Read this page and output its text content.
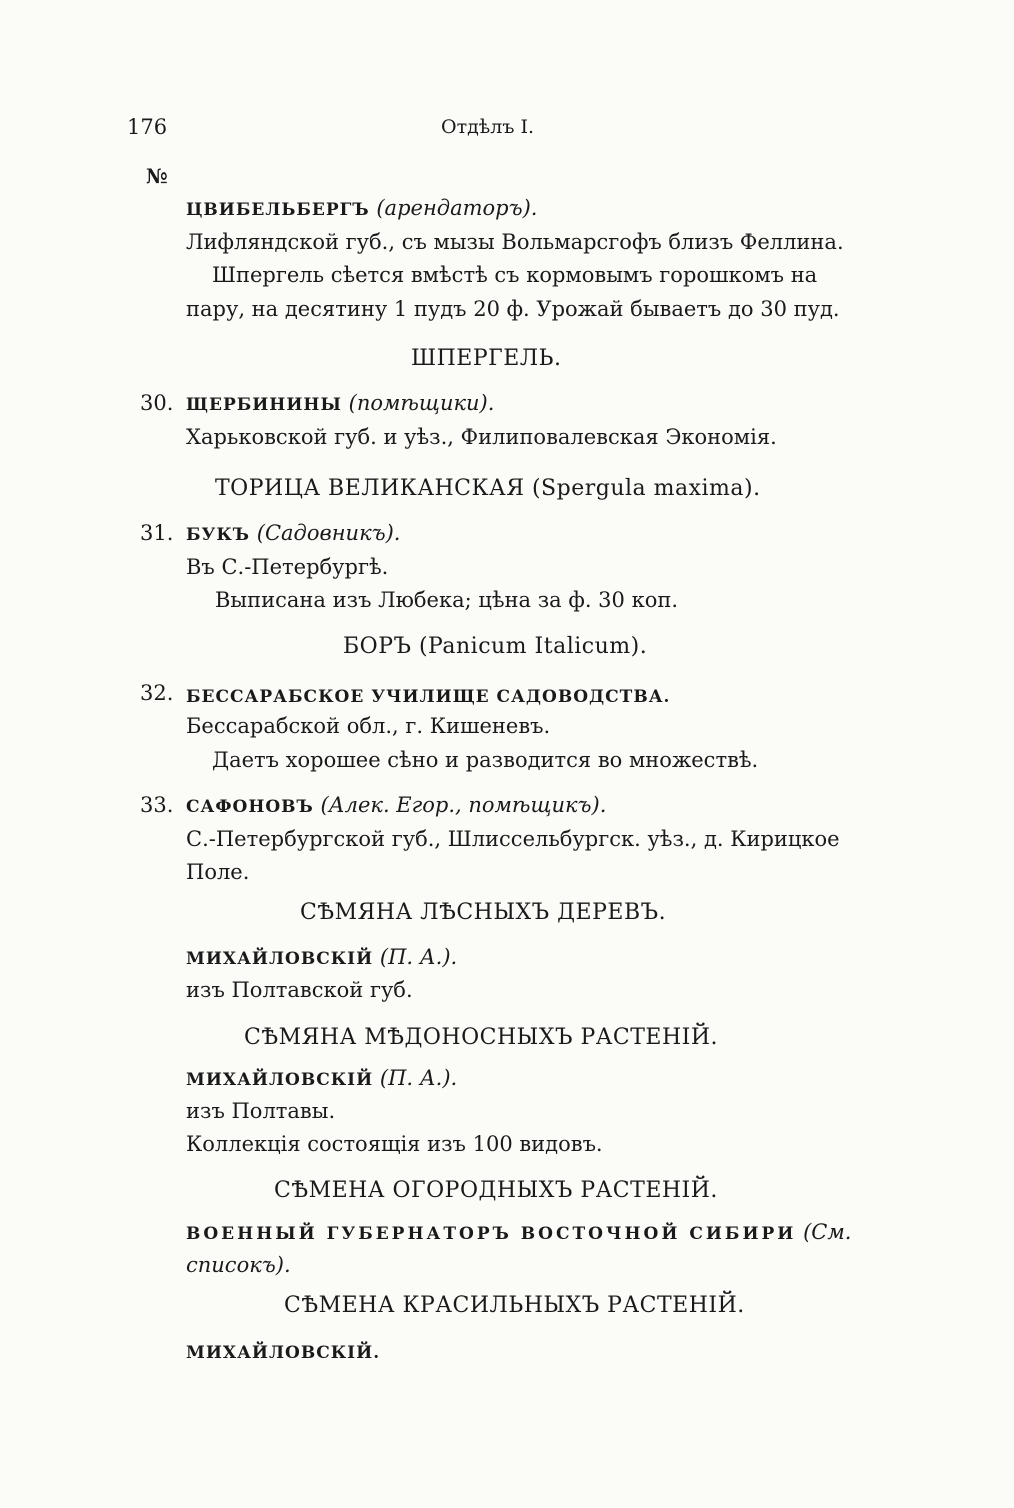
176	Отдѣлъ I.
№
ЦВИБЕЛЬБЕРГЪ (арендаторъ).
Лифляндской губ., съ мызы Вольмарсгофъ близъ Феллина.
Шпергель сѣется вмѣстѣ съ кормовымъ горошкомъ на
пару, на десятину 1 пудъ 20 ф. Урожай бываетъ до 30 пуд.
ШПЕРГЕЛЬ.
30. ЩЕРБИНИНЫ (помѣщики).
Харьковской губ. и уѣз., Филиповалевская Экономія.
ТОРИЦА ВЕЛИКАНСКАЯ (Spergula maxima).
31. БУКЪ (Садовникъ).
Въ С.-Петербургѣ.
Выписана изъ Любека; цѣна за ф. 30 коп.
БОРЪ (Panicum Italicum).
32. БЕССАРАБСКОЕ УЧИЛИЩЕ САДОВОДСТВА.
Бессарабской обл., г. Кишеневъ.
Даетъ хорошее сѣно и разводится во множествѣ.
33. САФОНОВЪ (Алек. Егор., помѣщикъ).
С.-Петербургской губ., Шлиссельбургск. уѣз., д. Кирицкое
Поле.
СѢМЯНА ЛѢСНЫХЪ ДЕРЕВЪ.
МИХАЙЛОВСКІЙ (П. А.).
изъ Полтавской губ.
СѢМЯНА МѢДОНОСНЫХЪ РАСТЕНІЙ.
МИХАЙЛОВСКІЙ (П. А.).
изъ Полтавы.
Коллекція состоящія изъ 100 видовъ.
СѢМЕНА ОГОРОДНЫХЪ РАСТЕНІЙ.
ВОЕННЫЙ ГУБЕРНАТОРЪ ВОСТОЧНОЙ СИБИРИ (См.
списокъ).
СѢМЕНА КРАСИЛЬНЫХЪ РАСТЕНІЙ.
МИХАЙЛОВСКІЙ.
